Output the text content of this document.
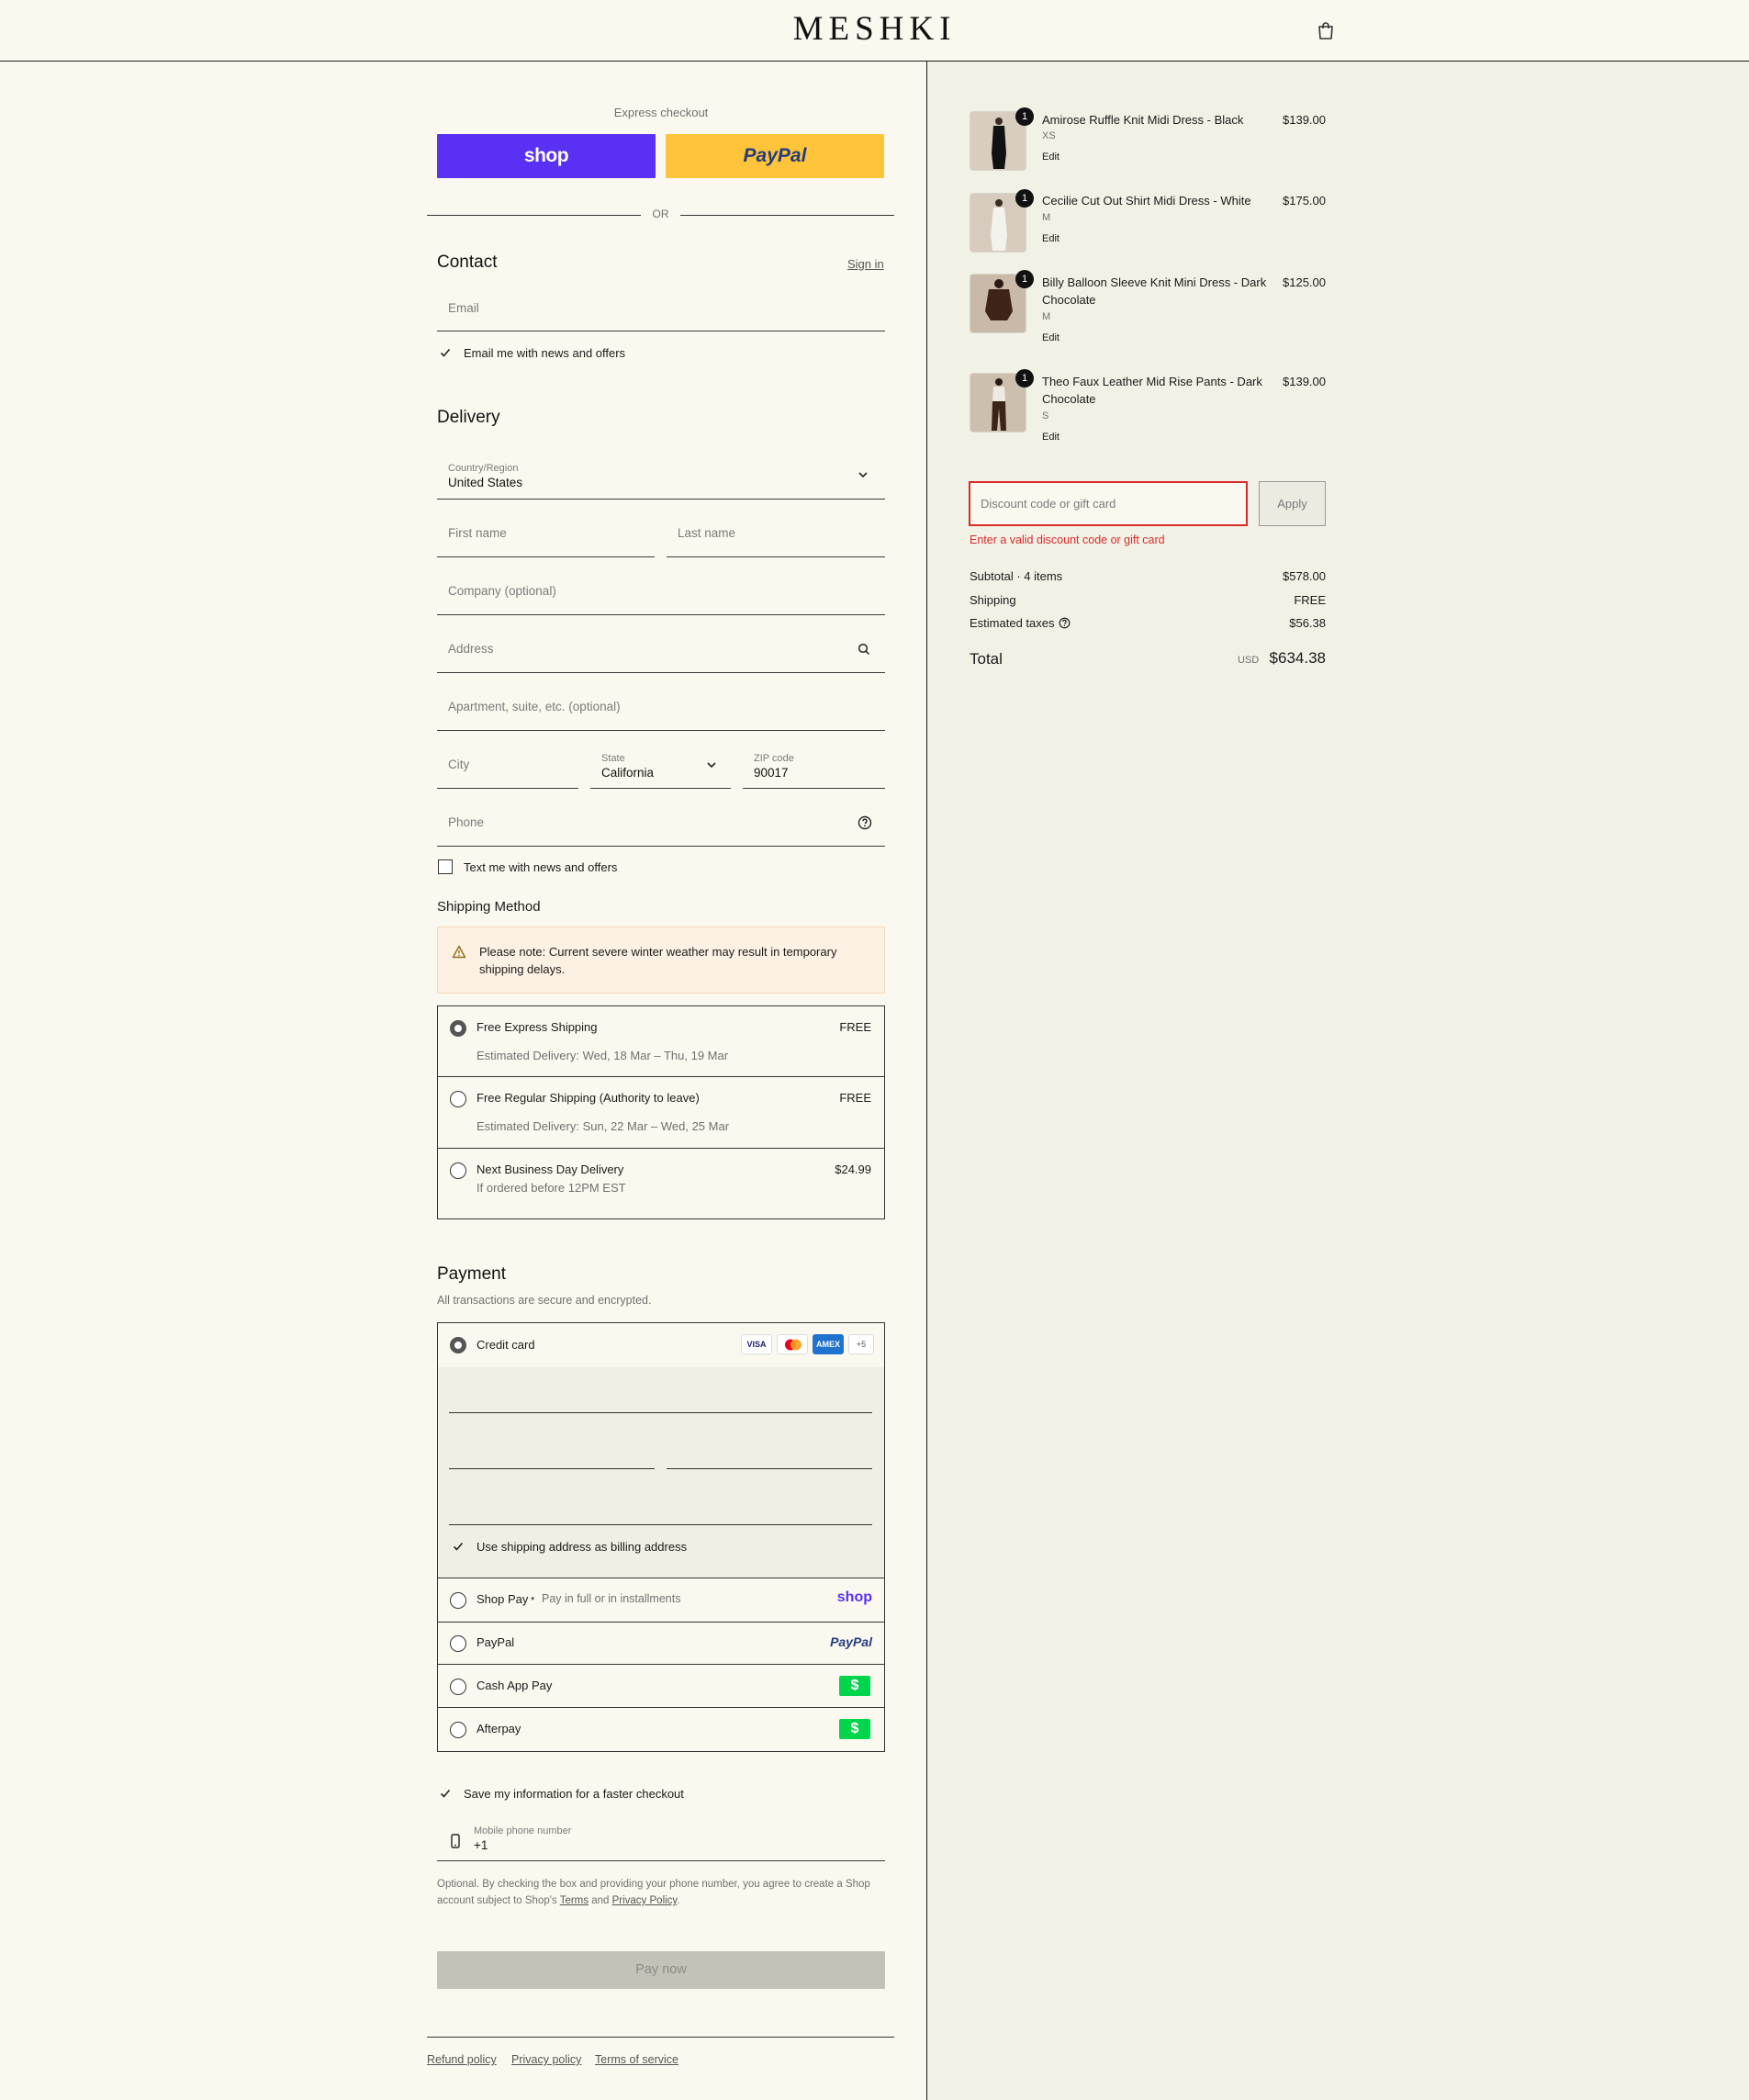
MESHKI
Express checkout
shop	PayPal
OR
Contact	Sign in
Email
Email me with news and offers
Delivery
Country/Region
United States
First name	Last name
Company (optional)
Address
Apartment, suite, etc. (optional)
City	State
California
ZIP code
90017
Phone
Text me with news and offers
Shipping Method
Please note: Current severe winter weather may result in temporary shipping delays.
Free Express Shipping	FREE
Estimated Delivery: Wed, 18 Mar – Thu, 19 Mar
Free Regular Shipping (Authority to leave)	FREE
Estimated Delivery: Sun, 22 Mar – Wed, 25 Mar
Next Business Day Delivery	$24.99
If ordered before 12PM EST
Payment
All transactions are secure and encrypted.
Credit card	VISA	AMEX	+5
Use shipping address as billing address
Shop Pay • Pay in full or in installments	shop
PayPal	PayPal
Cash App Pay	$
Afterpay	$
Save my information for a faster checkout
Mobile phone number
+1
Optional. By checking the box and providing your phone number, you agree to create a Shop
account subject to Shop's Terms and Privacy Policy.
Pay now
Refund policy Privacy policy Terms of service
1	Amirose Ruffle Knit Midi Dress - Black	$139.00
XS
Edit
1	Cecilie Cut Out Shirt Midi Dress - White	$175.00
M
Edit
1	Billy Balloon Sleeve Knit Mini Dress - Dark
Chocolate
$125.00
M
Edit
1	Theo Faux Leather Mid Rise Pants - Dark
Chocolate
$139.00
S
Edit
Discount code or gift card	Apply
Enter a valid discount code or gift card
Subtotal · 4 items	$578.00
Shipping	FREE
Estimated taxes	$56.38
Total	USD $634.38
